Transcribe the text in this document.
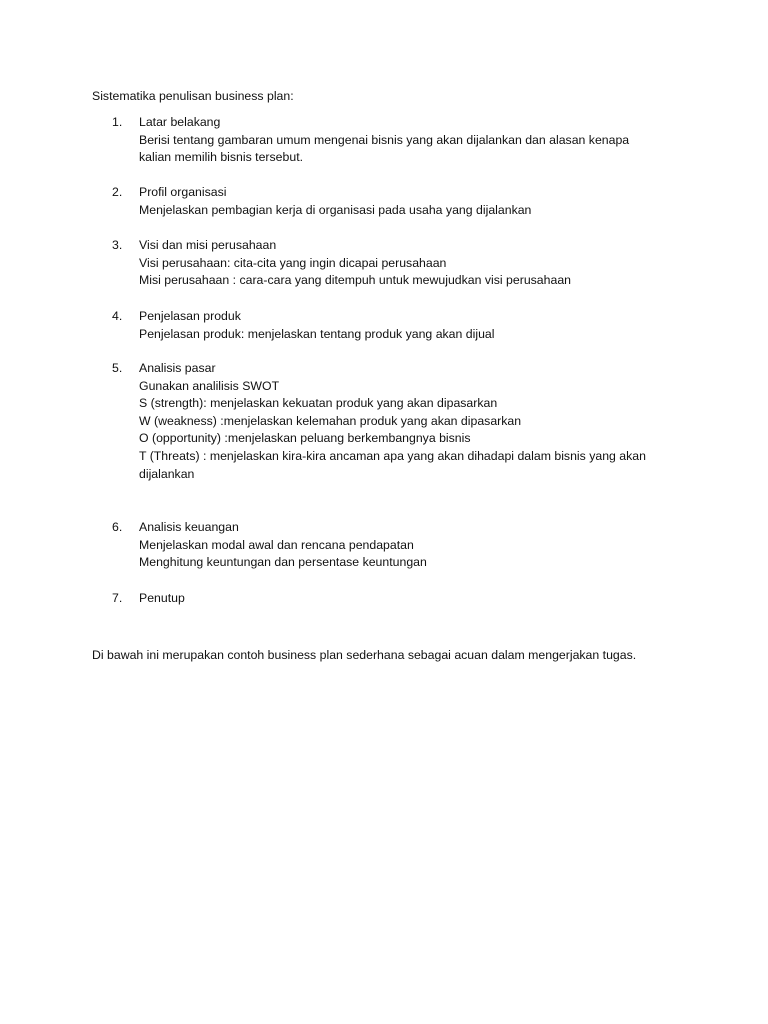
Sistematika penulisan business plan:
1.	Latar belakang
Berisi tentang gambaran umum mengenai bisnis yang akan dijalankan dan alasan kenapa
kalian memilih bisnis tersebut.
2.	Profil organisasi
Menjelaskan pembagian kerja di organisasi pada usaha yang dijalankan
3.	Visi dan misi perusahaan
Visi perusahaan: cita-cita yang ingin dicapai perusahaan
Misi perusahaan : cara-cara yang ditempuh untuk mewujudkan visi perusahaan
4.	Penjelasan produk
Penjelasan produk: menjelaskan tentang produk yang akan dijual
5.	Analisis pasar
Gunakan analilisis SWOT
S (strength): menjelaskan kekuatan produk yang akan dipasarkan
W (weakness) :menjelaskan kelemahan produk yang akan dipasarkan
O (opportunity) :menjelaskan peluang berkembangnya bisnis
T (Threats) : menjelaskan kira-kira ancaman apa yang akan dihadapi dalam bisnis yang akan
dijalankan
6.	Analisis keuangan
Menjelaskan modal awal dan rencana pendapatan
Menghitung keuntungan dan persentase keuntungan
7.	Penutup
Di bawah ini merupakan contoh business plan sederhana sebagai acuan dalam mengerjakan tugas.
